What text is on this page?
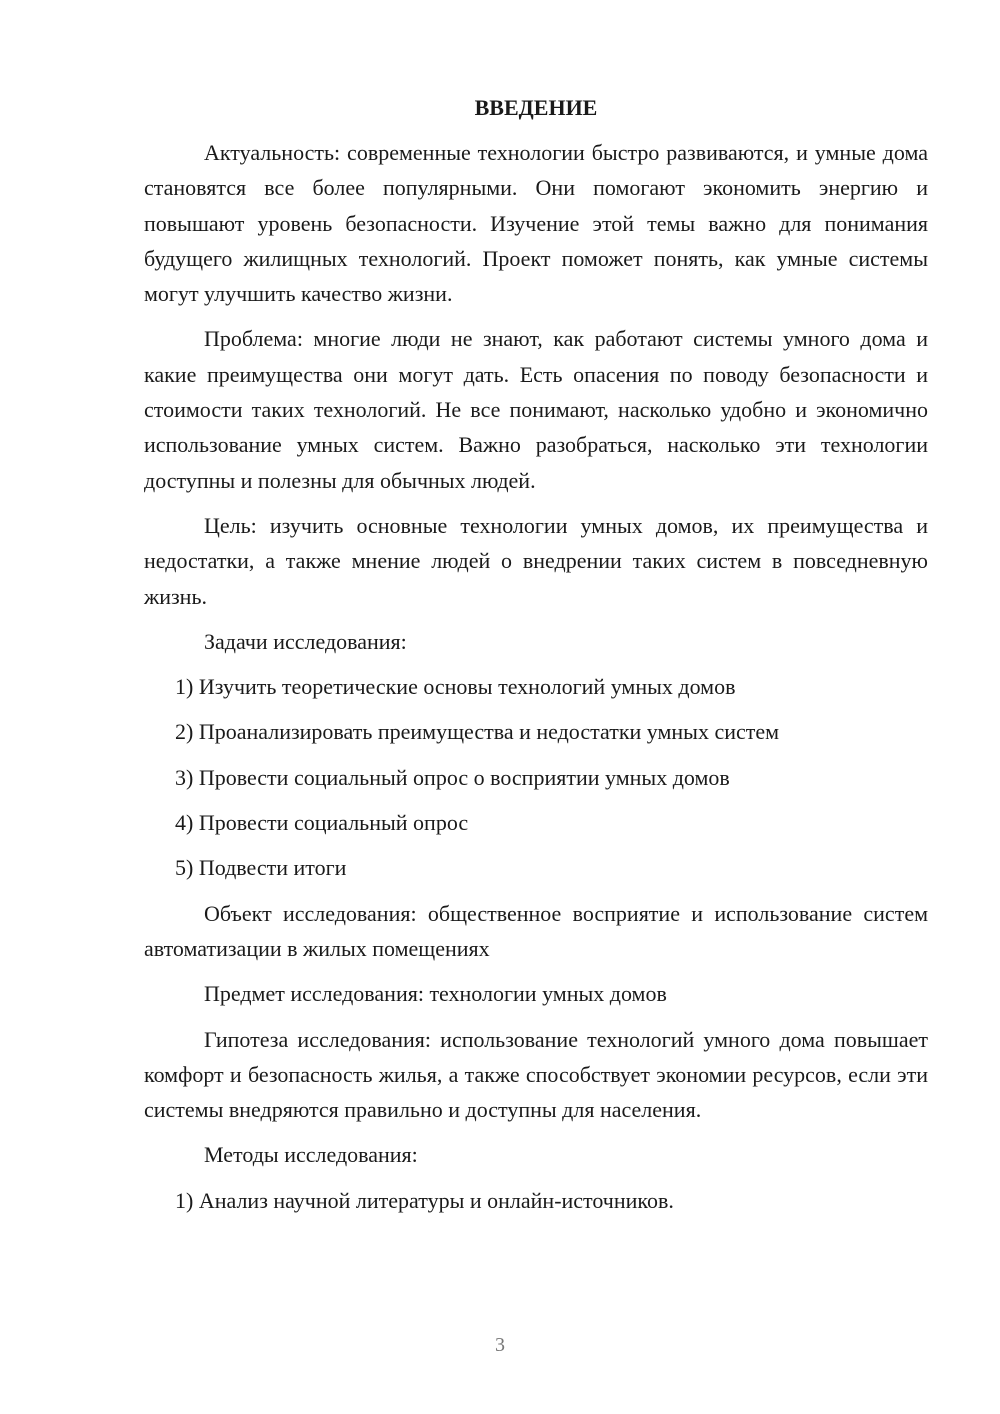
ВВЕДЕНИЕ

Актуальность: современные технологии быстро развиваются, и умные дома становятся все более популярными. Они помогают экономить энергию и повышают уровень безопасности. Изучение этой темы важно для понимания будущего жилищных технологий. Проект поможет понять, как умные системы могут улучшить качество жизни.

Проблема: многие люди не знают, как работают системы умного дома и какие преимущества они могут дать. Есть опасения по поводу безопасности и стоимости таких технологий. Не все понимают, насколько удобно и экономично использование умных систем. Важно разобраться, насколько эти технологии доступны и полезны для обычных людей.

Цель: изучить основные технологии умных домов, их преимущества и недостатки, а также мнение людей о внедрении таких систем в повседневную жизнь.

Задачи исследования:

1) Изучить теоретические основы технологий умных домов
2) Проанализировать преимущества и недостатки умных систем
3) Провести социальный опрос о восприятии умных домов
4) Провести социальный опрос
5) Подвести итоги

Объект исследования: общественное восприятие и использование систем автоматизации в жилых помещениях

Предмет исследования: технологии умных домов

Гипотеза исследования: использование технологий умного дома повышает комфорт и безопасность жилья, а также способствует экономии ресурсов, если эти системы внедряются правильно и доступны для населения.

Методы исследования:

1) Анализ научной литературы и онлайн-источников.
3
